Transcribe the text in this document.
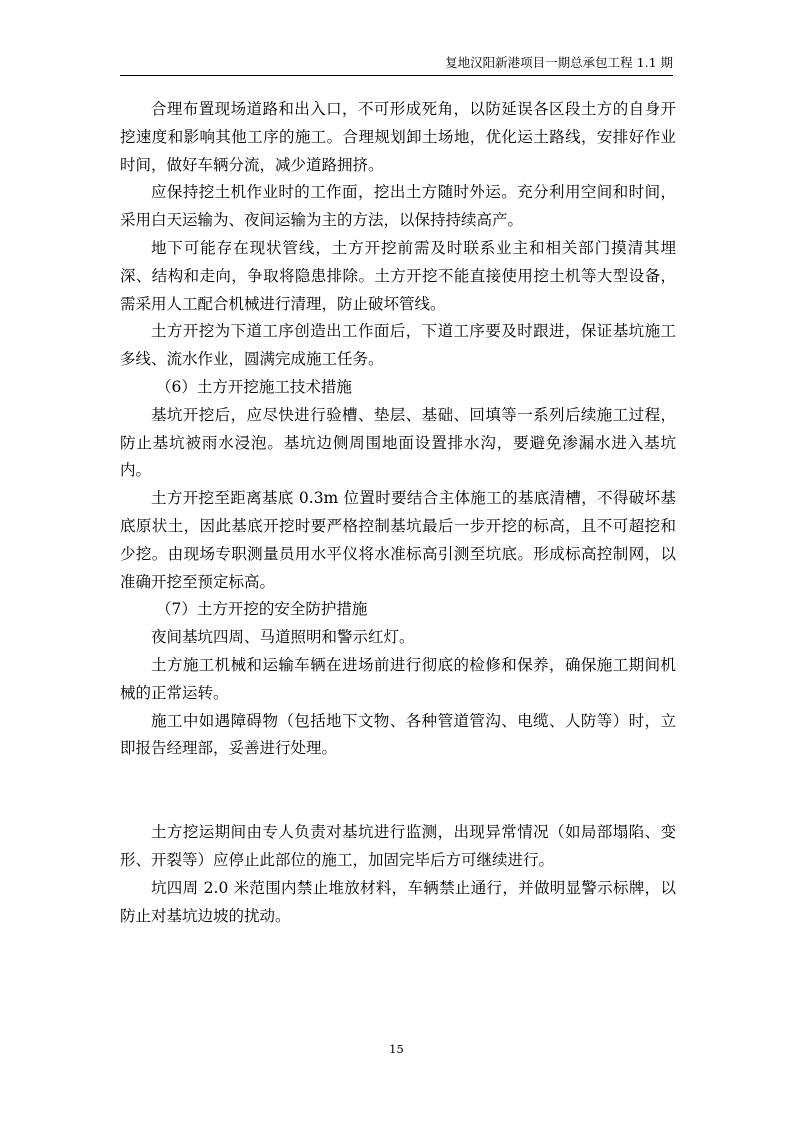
复地汉阳新港项目一期总承包工程 1.1 期

合理布置现场道路和出入口，不可形成死角，以防延误各区段土方的自身开挖速度和影响其他工序的施工。合理规划卸土场地，优化运土路线，安排好作业时间，做好车辆分流，减少道路拥挤。

应保持挖土机作业时的工作面，挖出土方随时外运。充分利用空间和时间，采用白天运输为、夜间运输为主的方法，以保持持续高产。

地下可能存在现状管线，土方开挖前需及时联系业主和相关部门摸清其埋深、结构和走向，争取将隐患排除。土方开挖不能直接使用挖土机等大型设备，需采用人工配合机械进行清理，防止破坏管线。

土方开挖为下道工序创造出工作面后，下道工序要及时跟进，保证基坑施工多线、流水作业，圆满完成施工任务。

（6）土方开挖施工技术措施

基坑开挖后，应尽快进行验槽、垫层、基础、回填等一系列后续施工过程，防止基坑被雨水浸泡。基坑边侧周围地面设置排水沟，要避免渗漏水进入基坑内。

土方开挖至距离基底 0.3m 位置时要结合主体施工的基底清槽，不得破坏基底原状土，因此基底开挖时要严格控制基坑最后一步开挖的标高，且不可超挖和少挖。由现场专职测量员用水平仪将水准标高引测至坑底。形成标高控制网，以准确开挖至预定标高。

（7）土方开挖的安全防护措施

夜间基坑四周、马道照明和警示红灯。

土方施工机械和运输车辆在进场前进行彻底的检修和保养，确保施工期间机械的正常运转。

施工中如遇障碍物（包括地下文物、各种管道管沟、电缆、人防等）时，立即报告经理部，妥善进行处理。

土方挖运期间由专人负责对基坑进行监测，出现异常情况（如局部塌陷、变形、开裂等）应停止此部位的施工，加固完毕后方可继续进行。

坑四周 2.0 米范围内禁止堆放材料，车辆禁止通行，并做明显警示标牌，以防止对基坑边坡的扰动。

15
